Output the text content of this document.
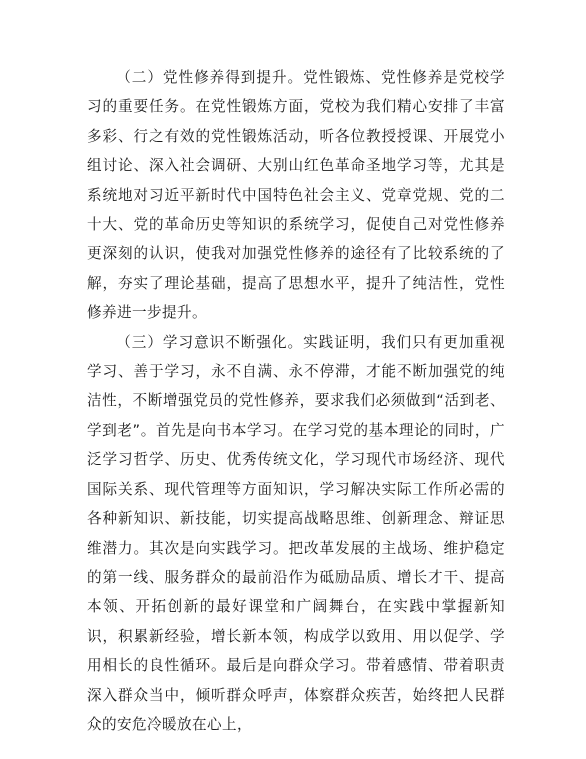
（二）党性修养得到提升。党性锻炼、党性修养是党校学习的重要任务。在党性锻炼方面，党校为我们精心安排了丰富多彩、行之有效的党性锻炼活动，听各位教授授课、开展党小组讨论、深入社会调研、大别山红色革命圣地学习等，尤其是系统地对习近平新时代中国特色社会主义、党章党规、党的二十大、党的革命历史等知识的系统学习，促使自己对党性修养更深刻的认识，使我对加强党性修养的途径有了比较系统的了解，夯实了理论基础，提高了思想水平，提升了纯洁性，党性修养进一步提升。

（三）学习意识不断强化。实践证明，我们只有更加重视学习、善于学习，永不自满、永不停滞，才能不断加强党的纯洁性，不断增强党员的党性修养，要求我们必须做到“活到老、学到老”。首先是向书本学习。在学习党的基本理论的同时，广泛学习哲学、历史、优秀传统文化，学习现代市场经济、现代国际关系、现代管理等方面知识，学习解决实际工作所必需的各种新知识、新技能，切实提高战略思维、创新理念、辩证思维潜力。其次是向实践学习。把改革发展的主战场、维护稳定的第一线、服务群众的最前沿作为砥励品质、增长才干、提高本领、开拓创新的最好课堂和广阔舞台，在实践中掌握新知识，积累新经验，增长新本领，构成学以致用、用以促学、学用相长的良性循环。最后是向群众学习。带着感情、带着职责深入群众当中，倾听群众呼声，体察群众疾苦，始终把人民群众的安危冷暖放在心上，
